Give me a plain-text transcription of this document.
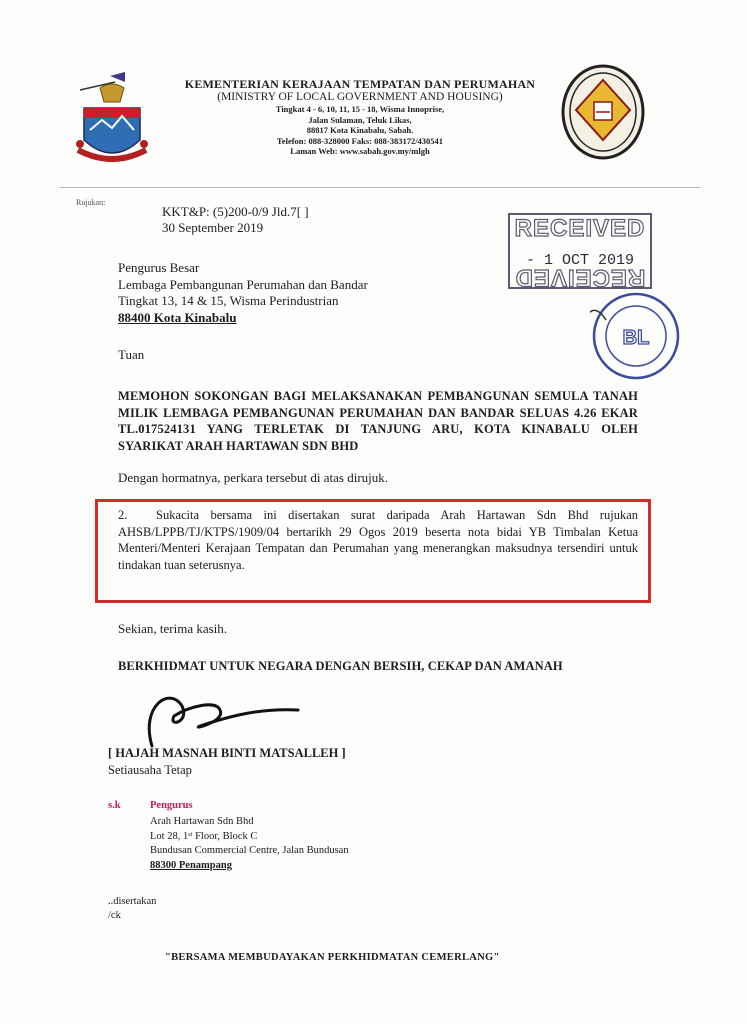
KEMENTERIAN KERAJAAN TEMPATAN DAN PERUMAHAN
(MINISTRY OF LOCAL GOVERNMENT AND HOUSING)
Tingkat 4 - 6, 10, 11, 15 - 18, Wisma Innoprise,
Jalan Sulaman, Teluk Likas,
88817 Kota Kinabalu, Sabah.
Telefon: 088-328000 Faks: 088-383172/430541
Laman Web: www.sabah.gov.my/mlgh
Rujukan:
KKT&P: (5)200-0/9 Jld.7[ ]
30 September 2019	RECEIVED
- 1 OCT 2019
RECEIVED
BL
Pengurus Besar
Lembaga Pembangunan Perumahan dan Bandar
Tingkat 13, 14 & 15, Wisma Perindustrian
88400 Kota Kinabalu
Tuan
MEMOHON SOKONGAN BAGI MELAKSANAKAN PEMBANGUNAN SEMULA TANAH MILIK LEMBAGA PEMBANGUNAN PERUMAHAN DAN BANDAR SELUAS 4.26 EKAR TL.017524131 YANG TERLETAK DI TANJUNG ARU, KOTA KINABALU OLEH SYARIKAT ARAH HARTAWAN SDN BHD
Dengan hormatnya, perkara tersebut di atas dirujuk.
2. Sukacita bersama ini disertakan surat daripada Arah Hartawan Sdn Bhd rujukan AHSB/LPPB/TJ/KTPS/1909/04 bertarikh 29 Ogos 2019 beserta nota bidai YB Timbalan Ketua Menteri/Menteri Kerajaan Tempatan dan Perumahan yang menerangkan maksudnya tersendiri untuk tindakan tuan seterusnya.
Sekian, terima kasih.
BERKHIDMAT UNTUK NEGARA DENGAN BERSIH, CEKAP DAN AMANAH
[ HAJAH MASNAH BINTI MATSALLEH ]
Setiausaha Tetap
s.k	Pengurus
Arah Hartawan Sdn Bhd
Lot 28, 1ˢᵗ Floor, Block C
Bundusan Commercial Centre, Jalan Bundusan
88300 Penampang
..disertakan
/ck
"BERSAMA MEMBUDAYAKAN PERKHIDMATAN CEMERLANG"
